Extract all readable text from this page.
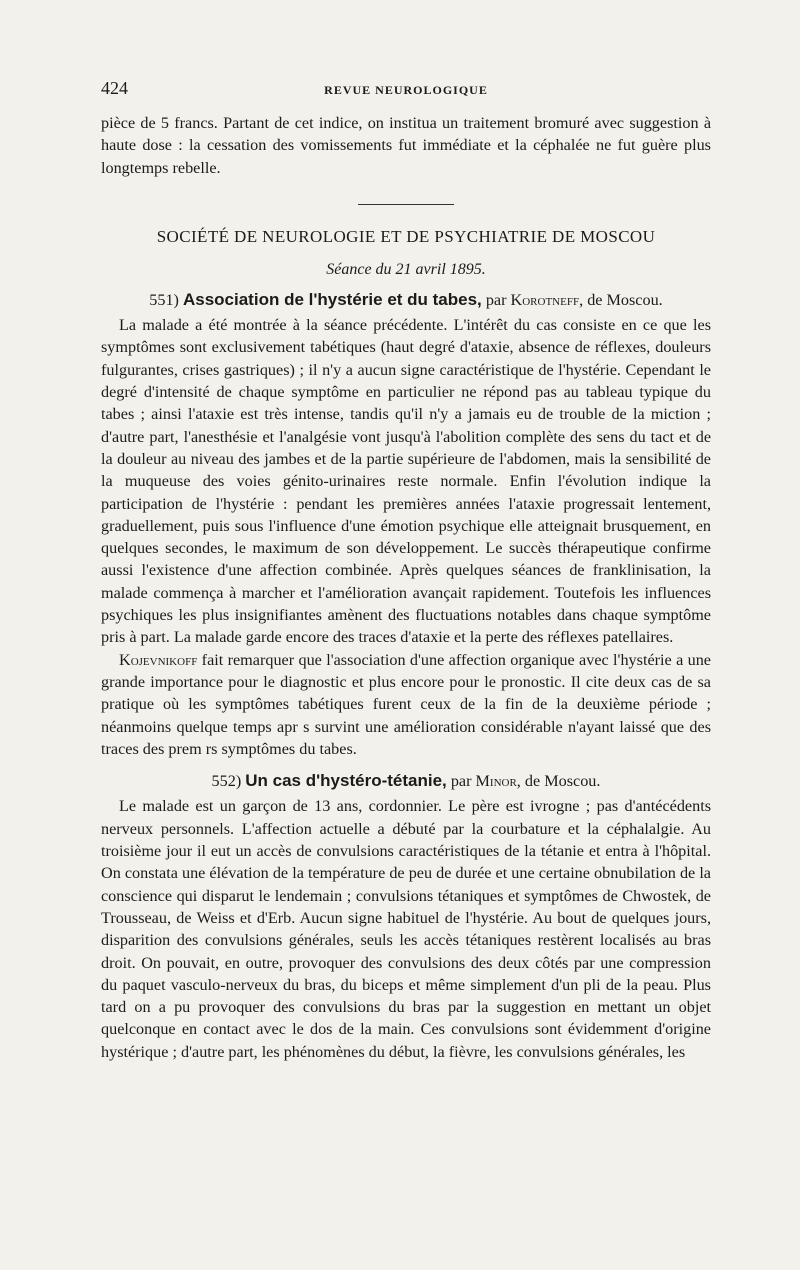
424	REVUE NEUROLOGIQUE

pièce de 5 francs. Partant de cet indice, on institua un traitement bromuré avec suggestion à haute dose : la cessation des vomissements fut immédiate et la céphalée ne fut guère plus longtemps rebelle.

SOCIÉTÉ DE NEUROLOGIE ET DE PSYCHIATRIE DE MOSCOU
Séance du 21 avril 1895.
551) Association de l'hystérie et du tabes, par Korotneff, de Moscou.

La malade a été montrée à la séance précédente. L'intérêt du cas consiste en ce que les symptômes sont exclusivement tabétiques (haut degré d'ataxie, absence de réflexes, douleurs fulgurantes, crises gastriques) ; il n'y a aucun signe caractéristique de l'hystérie. Cependant le degré d'intensité de chaque symptôme en particulier ne répond pas au tableau typique du tabes ; ainsi l'ataxie est très intense, tandis qu'il n'y a jamais eu de trouble de la miction ; d'autre part, l'anesthésie et l'analgésie vont jusqu'à l'abolition complète des sens du tact et de la douleur au niveau des jambes et de la partie supérieure de l'abdomen, mais la sensibilité de la muqueuse des voies génito-urinaires reste normale. Enfin l'évolution indique la participation de l'hystérie : pendant les premières années l'ataxie progressait lentement, graduellement, puis sous l'influence d'une émotion psychique elle atteignait brusquement, en quelques secondes, le maximum de son développement. Le succès thérapeutique confirme aussi l'existence d'une affection combinée. Après quelques séances de franklinisation, la malade commença à marcher et l'amélioration avançait rapidement. Toutefois les influences psychiques les plus insignifiantes amènent des fluctuations notables dans chaque symptôme pris à part. La malade garde encore des traces d'ataxie et la perte des réflexes patellaires.

Kojevnikoff fait remarquer que l'association d'une affection organique avec l'hystérie a une grande importance pour le diagnostic et plus encore pour le pronostic. Il cite deux cas de sa pratique où les symptômes tabétiques furent ceux de la fin de la deuxième période ; néanmoins quelque temps apr s survint une amélioration considérable n'ayant laissé que des traces des prem rs symptômes du tabes.

552) Un cas d'hystéro-tétanie, par Minor, de Moscou.

Le malade est un garçon de 13 ans, cordonnier. Le père est ivrogne ; pas d'antécédents nerveux personnels. L'affection actuelle a débuté par la courbature et la céphalalgie. Au troisième jour il eut un accès de convulsions caractéristiques de la tétanie et entra à l'hôpital. On constata une élévation de la température de peu de durée et une certaine obnubilation de la conscience qui disparut le lendemain ; convulsions tétaniques et symptômes de Chwostek, de Trousseau, de Weiss et d'Erb. Aucun signe habituel de l'hystérie. Au bout de quelques jours, disparition des convulsions générales, seuls les accès tétaniques restèrent localisés au bras droit. On pouvait, en outre, provoquer des convulsions des deux côtés par une compression du paquet vasculo-nerveux du bras, du biceps et même simplement d'un pli de la peau. Plus tard on a pu provoquer des convulsions du bras par la suggestion en mettant un objet quelconque en contact avec le dos de la main. Ces convulsions sont évidemment d'origine hystérique ; d'autre part, les phénomènes du début, la fièvre, les convulsions générales, les
